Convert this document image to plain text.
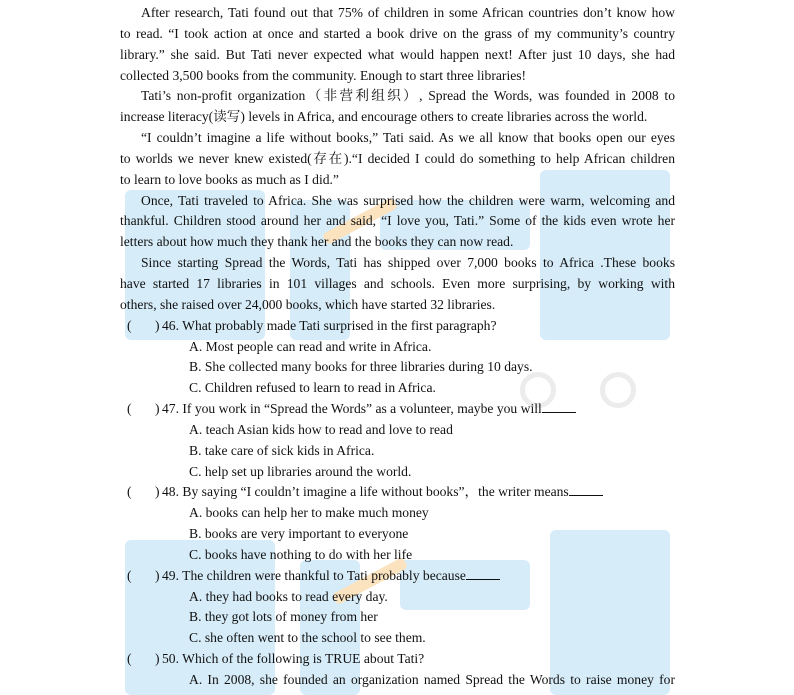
After research, Tati found out that 75% of children in some African countries don’t know how
to read. “I took action at once and started a book drive on the grass of my community’s country
library.” she said. But Tati never expected what would happen next! After just 10 days, she had
collected 3,500 books from the community. Enough to start three libraries!
Tati’s non-profit organization（非营利组织）, Spread the Words, was founded in 2008 to
increase literacy(读写) levels in Africa, and encourage others to create libraries across the world.
“I couldn’t imagine a life without books,” Tati said. As we all know that books open our eyes
to worlds we never knew existed(存在).“I decided I could do something to help African children
to learn to love books as much as I did.”
Once, Tati traveled to Africa. She was surprised how the children were warm, welcoming and
thankful. Children stood around her and said, “I love you, Tati.” Some of the kids even wrote her
letters about how much they thank her and the books they can now read.
Since starting Spread the Words, Tati has shipped over 7,000 books to Africa .These books
have started 17 libraries in 101 villages and schools. Even more surprising, by working with
others, she raised over 24,000 books, which have started 32 libraries.
( ) 46. What probably made Tati surprised in the first paragraph?
A. Most people can read and write in Africa.
B. She collected many books for three libraries during 10 days.
C. Children refused to learn to read in Africa.
( ) 47. If you work in “Spread the Words” as a volunteer, maybe you will
A. teach Asian kids how to read and love to read
B. take care of sick kids in Africa.
C. help set up libraries around the world.
( ) 48. By saying “I couldn’t imagine a life without books”，the writer means
A. books can help her to make much money
B. books are very important to everyone
C. books have nothing to do with her life
( ) 49. The children were thankful to Tati probably because
A. they had books to read every day.
B. they got lots of money from her
C. she often went to the school to see them.
( ) 50. Which of the following is TRUE about Tati?
A. In 2008, she founded an organization named Spread the Words to raise money for
